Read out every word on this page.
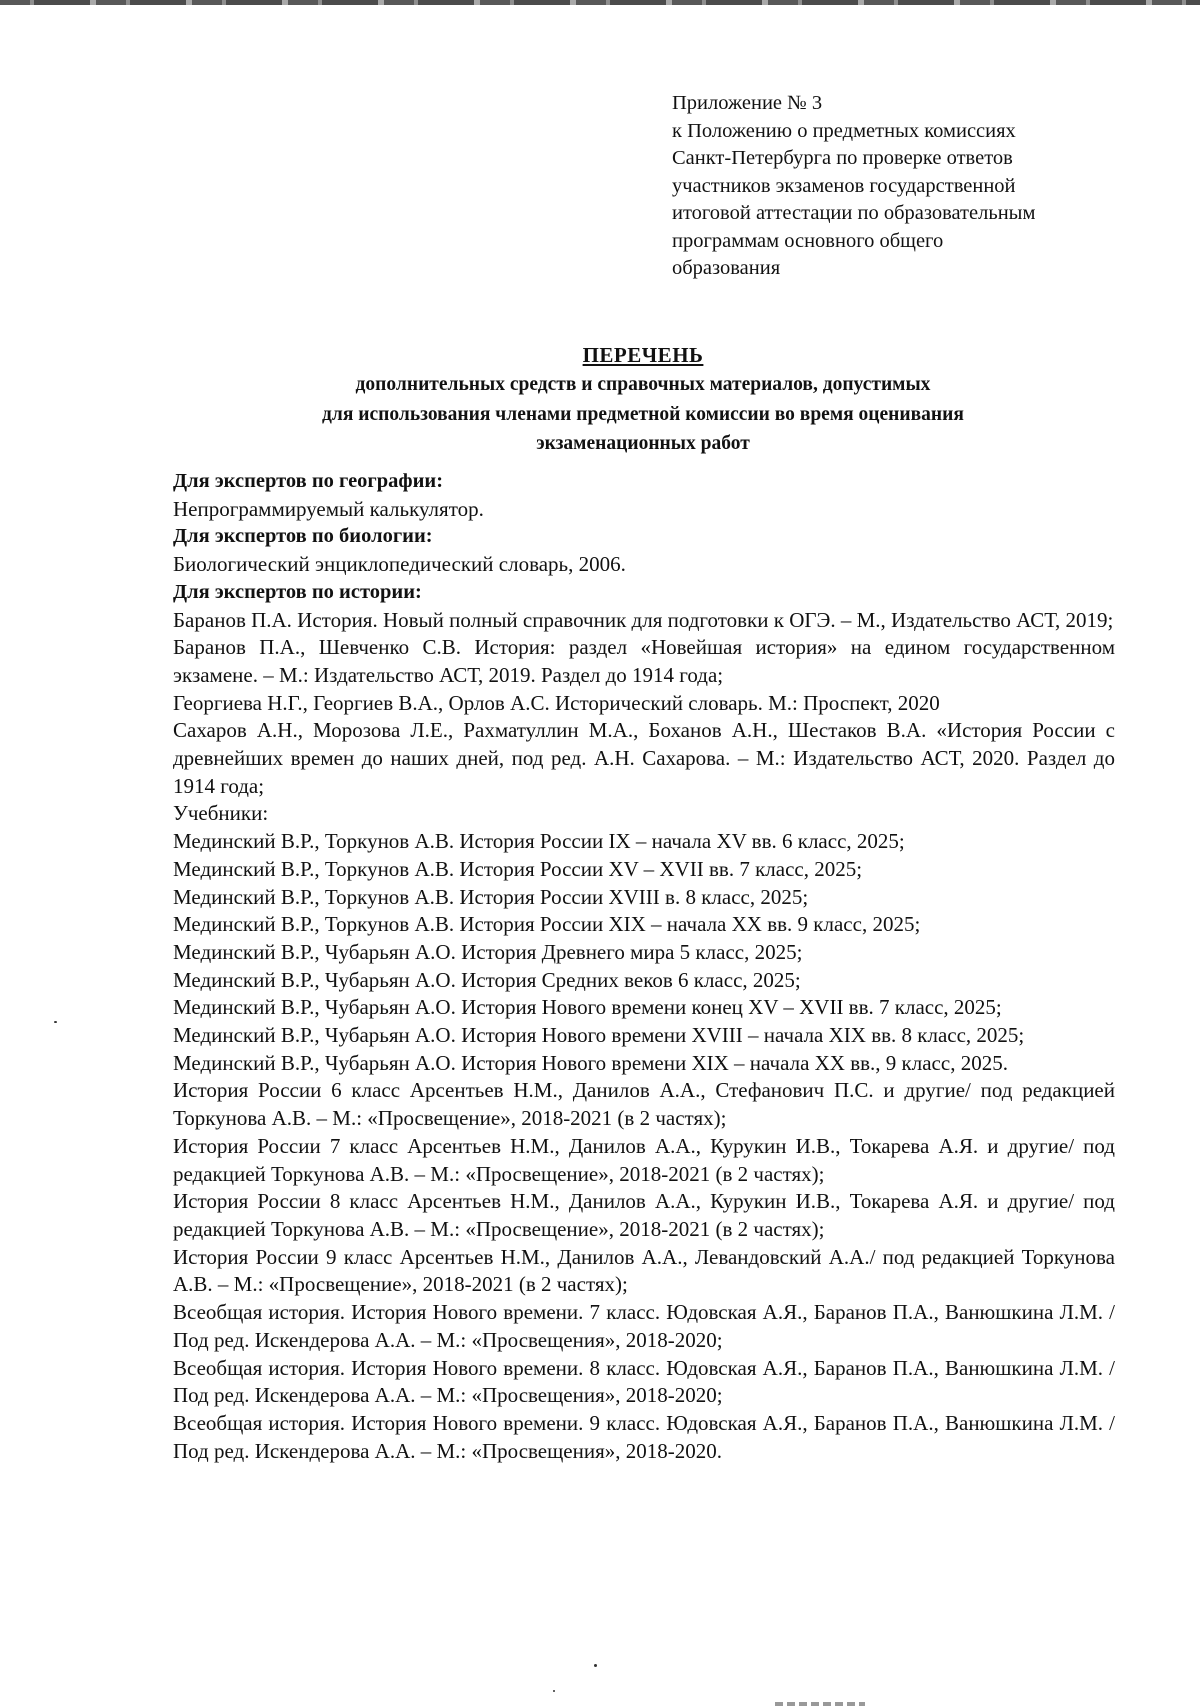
Приложение № 3
к Положению о предметных комиссиях
Санкт-Петербурга по проверке ответов
участников экзаменов государственной
итоговой аттестации по образовательным
программам основного общего
образования
ПЕРЕЧЕНЬ
дополнительных средств и справочных материалов, допустимых
для использования членами предметной комиссии во время оценивания
экзаменационных работ
Для экспертов по географии:
Непрограммируемый калькулятор.
Для экспертов по биологии:
Биологический энциклопедический словарь, 2006.
Для экспертов по истории:
Баранов П.А. История. Новый полный справочник для подготовки к ОГЭ. – М., Издательство АСТ, 2019;
Баранов П.А., Шевченко С.В. История: раздел «Новейшая история» на едином государственном экзамене. – М.: Издательство АСТ, 2019. Раздел до 1914 года;
Георгиева Н.Г., Георгиев В.А., Орлов А.С. Исторический словарь. М.: Проспект, 2020
Сахаров А.Н., Морозова Л.Е., Рахматуллин М.А., Боханов А.Н., Шестаков В.А. «История России с древнейших времен до наших дней, под ред. А.Н. Сахарова. – М.: Издательство АСТ, 2020. Раздел до 1914 года;
Учебники:
Мединский В.Р., Торкунов А.В. История России IX – начала XV вв. 6 класс, 2025;
Мединский В.Р., Торкунов А.В. История России XV – XVII вв. 7 класс, 2025;
Мединский В.Р., Торкунов А.В. История России XVIII в. 8 класс, 2025;
Мединский В.Р., Торкунов А.В. История России XIX – начала XX вв. 9 класс, 2025;
Мединский В.Р., Чубарьян А.О. История Древнего мира 5 класс, 2025;
Мединский В.Р., Чубарьян А.О. История Средних веков 6 класс, 2025;
Мединский В.Р., Чубарьян А.О. История Нового времени конец XV – XVII вв. 7 класс, 2025;
Мединский В.Р., Чубарьян А.О. История Нового времени XVIII – начала XIX вв. 8 класс, 2025;
Мединский В.Р., Чубарьян А.О. История Нового времени XIX – начала XX вв., 9 класс, 2025.
История России 6 класс Арсентьев Н.М., Данилов А.А., Стефанович П.С. и другие/ под редакцией Торкунова А.В. – М.: «Просвещение», 2018-2021 (в 2 частях);
История России 7 класс Арсентьев Н.М., Данилов А.А., Курукин И.В., Токарева А.Я. и другие/ под редакцией Торкунова А.В. – М.: «Просвещение», 2018-2021 (в 2 частях);
История России 8 класс Арсентьев Н.М., Данилов А.А., Курукин И.В., Токарева А.Я. и другие/ под редакцией Торкунова А.В. – М.: «Просвещение», 2018-2021 (в 2 частях);
История России 9 класс Арсентьев Н.М., Данилов А.А., Левандовский А.А./ под редакцией Торкунова А.В. – М.: «Просвещение», 2018-2021 (в 2 частях);
Всеобщая история. История Нового времени. 7 класс. Юдовская А.Я., Баранов П.А., Ванюшкина Л.М. / Под ред. Искендерова А.А. – М.: «Просвещения», 2018-2020;
Всеобщая история. История Нового времени. 8 класс. Юдовская А.Я., Баранов П.А., Ванюшкина Л.М. / Под ред. Искендерова А.А. – М.: «Просвещения», 2018-2020;
Всеобщая история. История Нового времени. 9 класс. Юдовская А.Я., Баранов П.А., Ванюшкина Л.М. / Под ред. Искендерова А.А. – М.: «Просвещения», 2018-2020.
